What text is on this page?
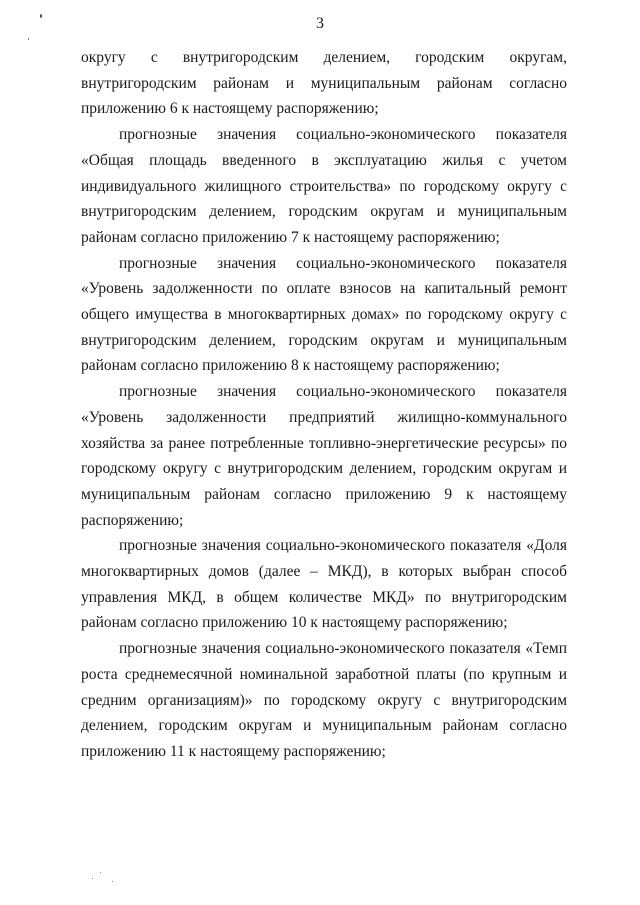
3

округу с внутригородским делением, городским округам, внутригородским районам и муниципальным районам согласно приложению 6 к настоящему распоряжению;

прогнозные значения социально-экономического показателя «Общая площадь введенного в эксплуатацию жилья с учетом индивидуального жилищного строительства» по городскому округу с внутригородским делением, городским округам и муниципальным районам согласно приложению 7 к настоящему распоряжению;

прогнозные значения социально-экономического показателя «Уровень задолженности по оплате взносов на капитальный ремонт общего имущества в многоквартирных домах» по городскому округу с внутригородским делением, городским округам и муниципальным районам согласно приложению 8 к настоящему распоряжению;

прогнозные значения социально-экономического показателя «Уровень задолженности предприятий жилищно-коммунального хозяйства за ранее потребленные топливно-энергетические ресурсы» по городскому округу с внутригородским делением, городским округам и муниципальным районам согласно приложению 9 к настоящему распоряжению;

прогнозные значения социально-экономического показателя «Доля многоквартирных домов (далее – МКД), в которых выбран способ управления МКД, в общем количестве МКД» по внутригородским районам согласно приложению 10 к настоящему распоряжению;

прогнозные значения социально-экономического показателя «Темп роста среднемесячной номинальной заработной платы (по крупным и средним организациям)» по городскому округу с внутригородским делением, городским округам и муниципальным районам согласно приложению 11 к настоящему распоряжению;
